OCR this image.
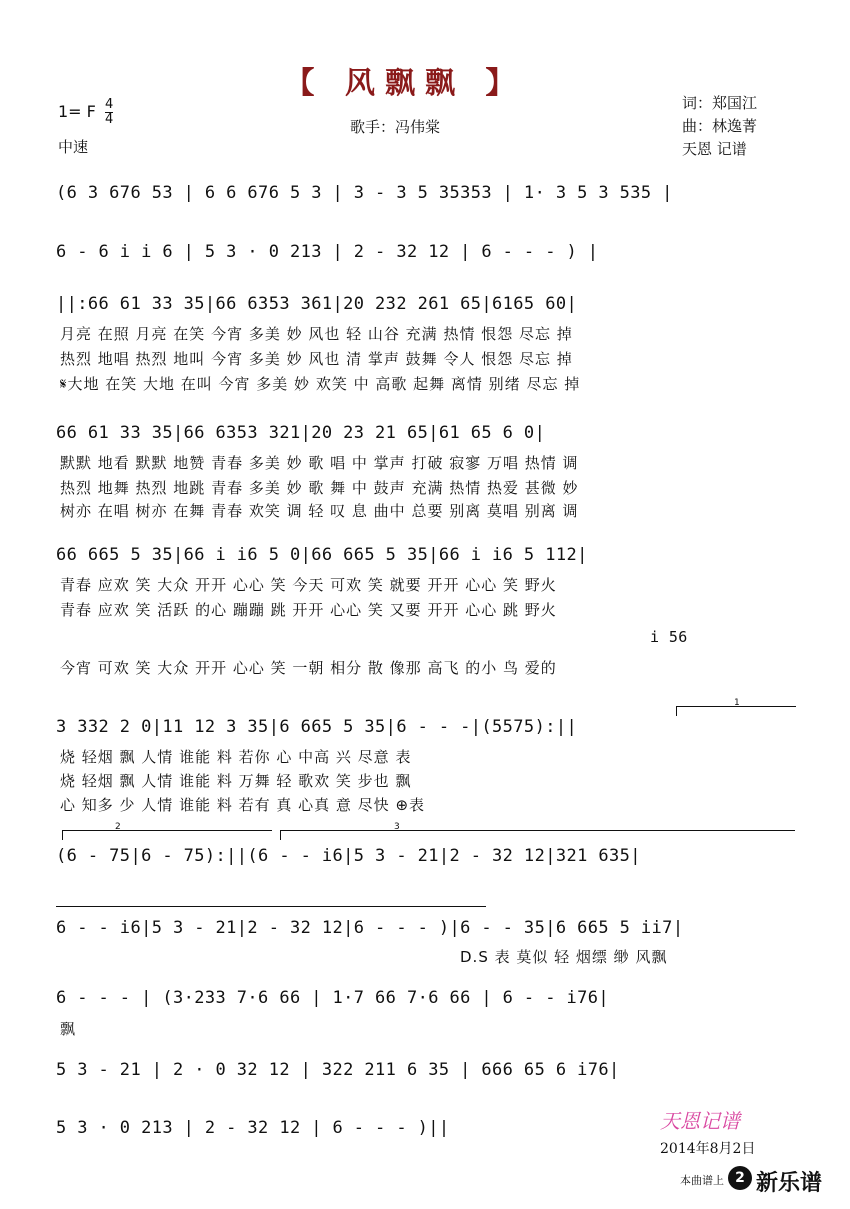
【 风飘飘 】
1= F $\frac{4}{4}$
中速
歌手：冯伟棠
词：郑国江
曲：林逸菁
天恩 记谱
(6 3 676 53 | 6 6 676 5 3 | 3 - 3 5 35353 | 1· 3 5 3 535 |
6 - 6 i i 6 | 5 3 · 0 213 | 2 - 32 12 | 6 - - - ) |
||:66 61 33 35|66 6353 361|20 232 261 65|6165 60|
月亮 在照 月亮 在笑 今宵 多美 妙 风也 轻 山谷 充满 热情 恨怨 尽忘 掉
热烈 地唱 热烈 地叫 今宵 多美 妙 风也 清 掌声 鼓舞 令人 恨怨 尽忘 掉
𝄋大地 在笑 大地 在叫 今宵 多美 妙 欢笑 中 高歌 起舞 离情 别绪 尽忘 掉
66 61 33 35|66 6353 321|20 23 21 65|61 65 6 0|
默默 地看 默默 地赞 青春 多美 妙 歌 唱 中 掌声 打破 寂寥 万唱 热情 调
热烈 地舞 热烈 地跳 青春 多美 妙 歌 舞 中 鼓声 充满 热情 热爱 甚微 妙
树亦 在唱 树亦 在舞 青春 欢笑 调 轻 叹 息 曲中 总要 别离 莫唱 别离 调
66 665 5 35|66 i i6 5 0|66 665 5 35|66 i i6 5 112|
青春 应欢 笑 大众 开开 心心 笑 今天 可欢 笑 就要 开开 心心 笑 野火
青春 应欢 笑 活跃 的心 蹦蹦 跳 开开 心心 笑 又要 开开 心心 跳 野火
i 56
今宵 可欢 笑 大众 开开 心心 笑 一朝 相分 散 像那 高飞 的小 鸟 爱的
1
3 332 2 0|11 12 3 35|6 665 5 35|6 - - -|(5575):||
烧 轻烟 飘 人情 谁能 料 若你 心 中高 兴 尽意 表
烧 轻烟 飘 人情 谁能 料 万舞 轻 歌欢 笑 步也 飘
心 知多 少 人情 谁能 料 若有 真 心真 意 尽快 ⊕表
2	3
(6 - 75|6 - 75):||(6 - - i6|5 3 - 21|2 - 32 12|321 635|
6 - - i6|5 3 - 21|2 - 32 12|6 - - - )|6 - - 35|6 665 5 ii7|
D.S 表 莫似 轻 烟缥 缈 风飘
6 - - - | (3·233 7·6 66 | 1·7 66 7·6 66 | 6 - - i76|
飘
5 3 - 21 | 2 · 0 32 12 | 322 211 6 35 | 666 65 6 i76|
5 3 · 0 213 | 2 - 32 12 | 6 - - - )||	天恩记谱
2014年8月2日
本曲谱上 2 新乐谱
